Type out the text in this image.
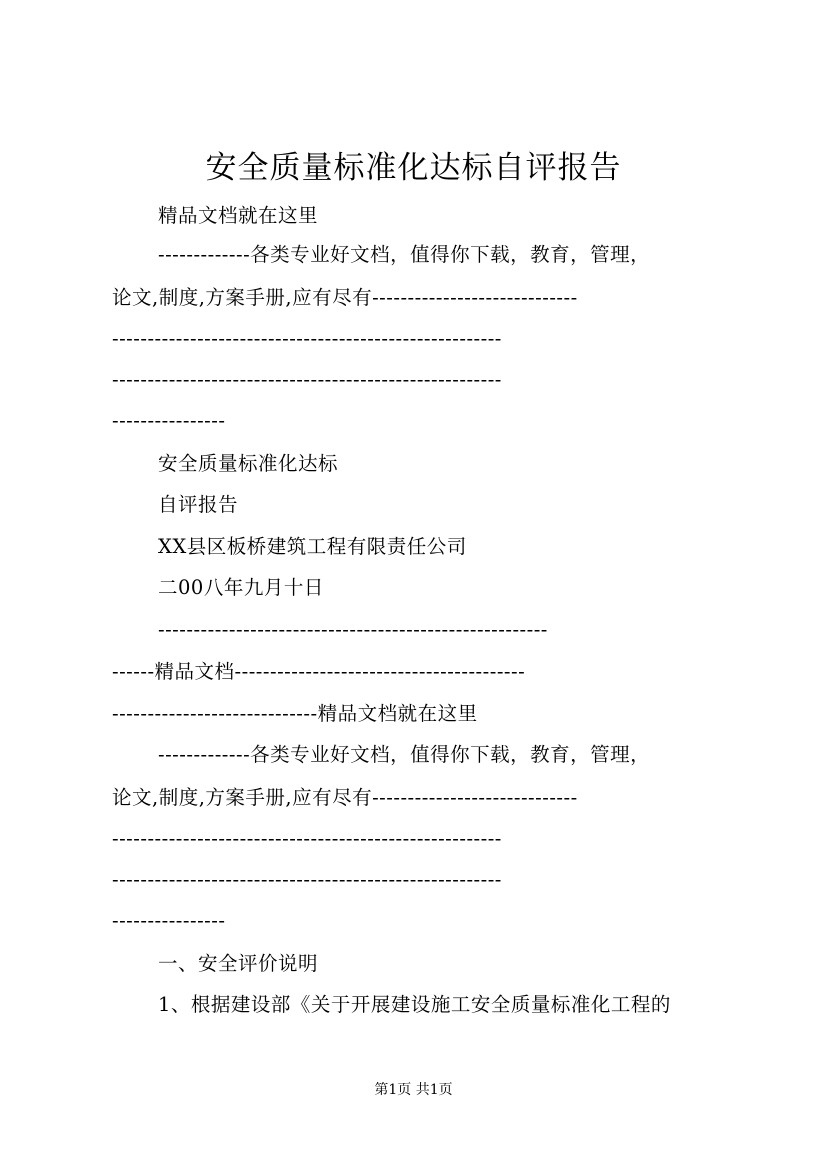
安全质量标准化达标自评报告
精品文档就在这里
-------------各类专业好文档，值得你下载，教育，管理，
论文,制度,方案手册,应有尽有-----------------------------
-------------------------------------------------------
-------------------------------------------------------
----------------
安全质量标准化达标
自评报告
XX县区板桥建筑工程有限责任公司
二00八年九月十日
-------------------------------------------------------
------精品文档-----------------------------------------
-----------------------------精品文档就在这里
-------------各类专业好文档，值得你下载，教育，管理，
论文,制度,方案手册,应有尽有-----------------------------
-------------------------------------------------------
-------------------------------------------------------
----------------
一、安全评价说明
1、根据建设部《关于开展建设施工安全质量标准化工程的
第1页 共1页
